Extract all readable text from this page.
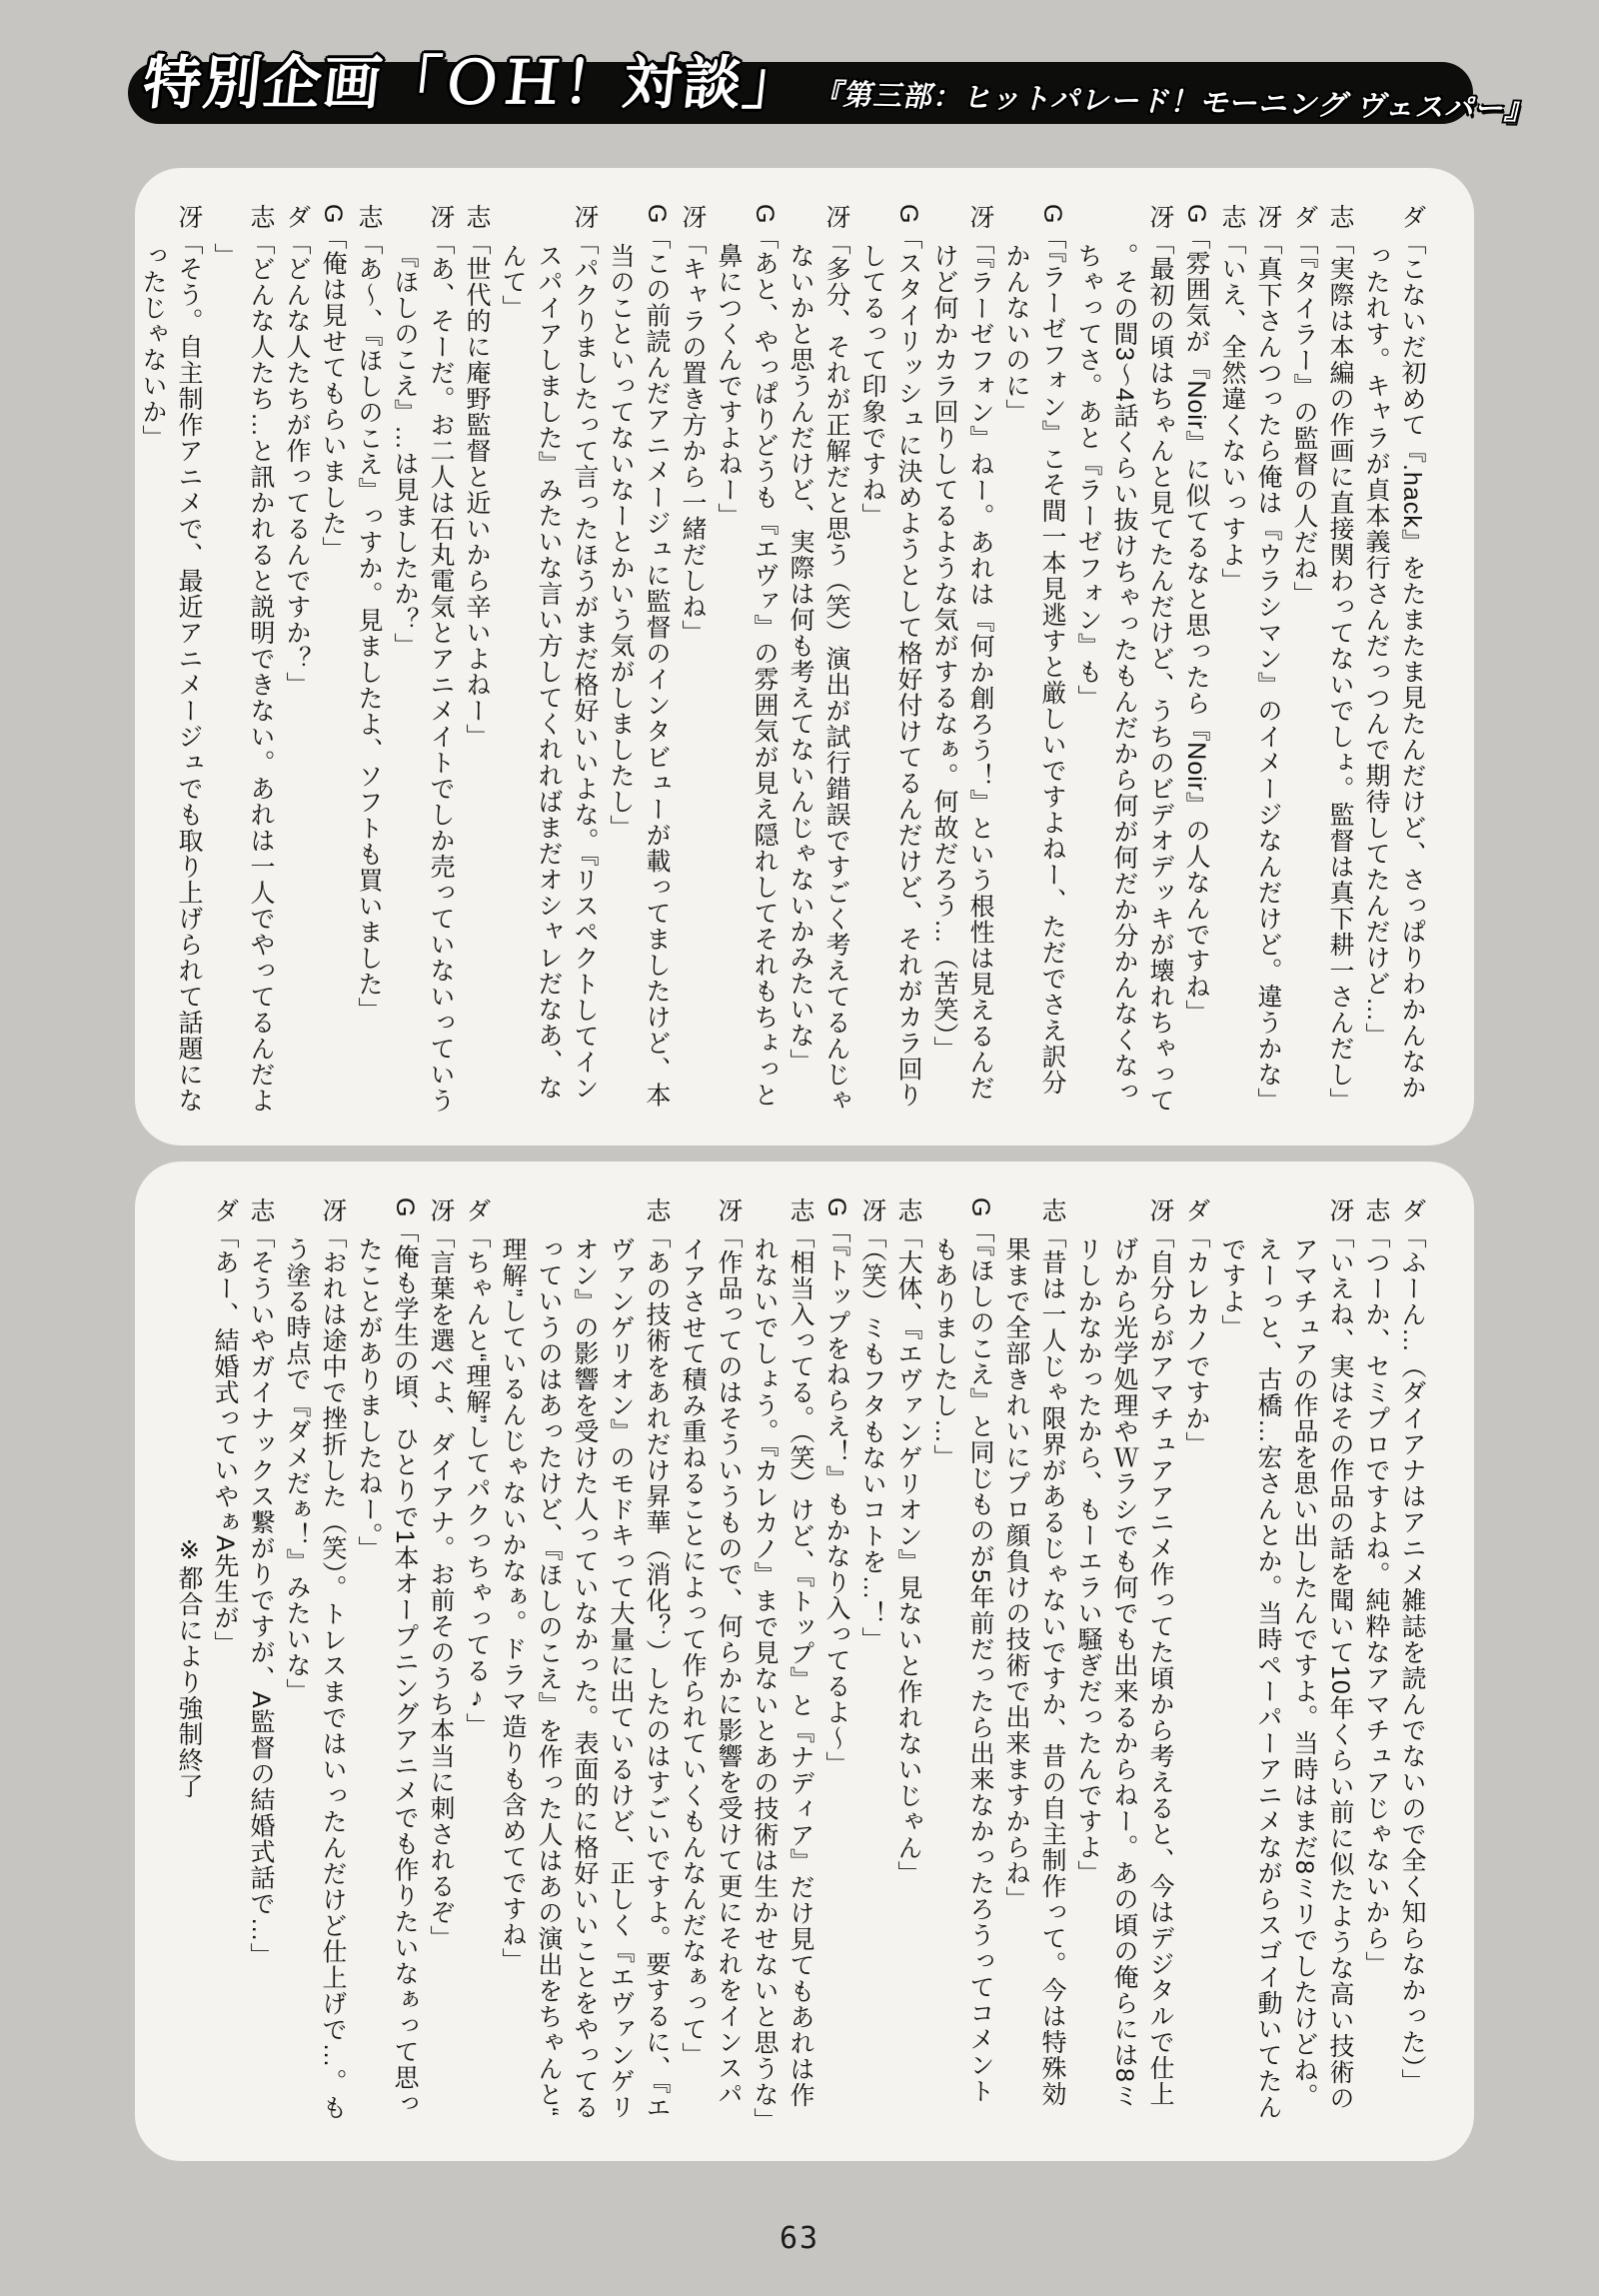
特別企画「ＯＨ！対談」 『第三部：ヒットパレード！モーニング ヴェスパー』

ダ「こないだ初めて『.hack』をたまたま見たんだけど、さっぱりわかんなかったれす。キャラが貞本義行さんだっつんで期待してたんだけど…」

志「実際は本編の作画に直接関わってないでしょ。監督は真下耕一さんだし」

ダ「『タイラー』の監督の人だね」

冴「真下さんつったら俺は『ウラシマン』のイメージなんだけど。違うかな」

志「いえ、全然違くないっすよ」

G「雰囲気が『Noir』に似てるなと思ったら『Noir』の人なんですね」

冴「最初の頃はちゃんと見てたんだけど、うちのビデオデッキが壊れちゃって。その間3～4話くらい抜けちゃったもんだから何が何だか分かんなくなっちゃってさ。あと『ラーゼフォン』も」

G「『ラーゼフォン』こそ間一本見逃すと厳しいですよねー、ただでさえ訳分かんないのに」

冴「『ラーゼフォン』ねー。あれは『何か創ろう！』という根性は見えるんだけど何かカラ回りしてるような気がするなぁ。何故だろう…（苦笑）」

G「スタイリッシュに決めようとして格好付けてるんだけど、それがカラ回りしてるって印象ですね」

冴「多分、それが正解だと思う（笑）演出が試行錯誤ですごく考えてるんじゃないかと思うんだけど、実際は何も考えてないんじゃないかみたいな」

G「あと、やっぱりどうも『エヴァ』の雰囲気が見え隠れしてそれもちょっと鼻につくんですよねー」

冴「キャラの置き方から一緒だしね」

G「この前読んだアニメージュに監督のインタビューが載ってましたけど、本当のこといってないなーとかいう気がしましたし」

冴「パクりましたって言ったほうがまだ格好いいよな。『リスペクトしてインスパイアしました』みたいな言い方してくれればまだオシャレだなあ、なんて」

志「世代的に庵野監督と近いから辛いよねー」

冴「あ、そーだ。お二人は石丸電気とアニメイトでしか売っていないっていう『ほしのこえ』…は見ましたか？」

志「あ～、『ほしのこえ』っすか。見ましたよ、ソフトも買いました」

G「俺は見せてもらいました」

ダ「どんな人たちが作ってるんですか？」

志「どんな人たち…と訊かれると説明できない。あれは一人でやってるんだよ」

冴「そう。自主制作アニメで、最近アニメージュでも取り上げられて話題になったじゃないか」

ダ「ふーん…（ダイアナはアニメ雑誌を読んでないので全く知らなかった）」

志「つーか、セミプロですよね。純粋なアマチュアじゃないから」

冴「いえね、実はその作品の話を聞いて10年くらい前に似たような高い技術のアマチュアの作品を思い出したんですよ。当時はまだ8ミリでしたけどね。えーっと、古橋…宏さんとか。当時ペーパーアニメながらスゴイ動いてたんですよ」

ダ「カレカノですか」

冴「自分らがアマチュアアニメ作ってた頃から考えると、今はデジタルで仕上げから光学処理やＷラシでも何でも出来るからねー。あの頃の俺らには8ミリしかなかったから、もーエラい騒ぎだったんですよ」

志「昔は一人じゃ限界があるじゃないですか、昔の自主制作って。今は特殊効果まで全部きれいにプロ顔負けの技術で出来ますからね」

G「『ほしのこえ』と同じものが5年前だったら出来なかったろうってコメントもありましたし…」

志「大体、『エヴァンゲリオン』見ないと作れないじゃん」

冴「（笑）ミもフタもないコトを…！」

G「『トップをねらえ！』もかなり入ってるよ～」

志「相当入ってる。（笑）けど、『トップ』と『ナディア』だけ見てもあれは作れないでしょう。『カレカノ』まで見ないとあの技術は生かせないと思うな」

冴「作品ってのはそういうもので、何らかに影響を受けて更にそれをインスパイアさせて積み重ねることによって作られていくもんなんだなぁって」

志「あの技術をあれだけ昇華（消化？）したのはすごいですよ。要するに、『エヴァンゲリオン』のモドキって大量に出ているけど、正しく『エヴァンゲリオン』の影響を受けた人っていなかった。表面的に格好いいことをやってるっていうのはあったけど、『ほしのこえ』を作った人はあの演出をちゃんと“理解”しているんじゃないかなぁ。ドラマ造りも含めてですね」

ダ「ちゃんと“理解”してパクっちゃってる♪」

冴「言葉を選べよ、ダイアナ。お前そのうち本当に刺されるぞ」

G「俺も学生の頃、ひとりで1本オープニングアニメでも作りたいなぁって思ったことがありましたねー。」

冴「おれは途中で挫折した（笑）。トレスまではいったんだけど仕上げで…。もう塗る時点で『ダメだぁ！』みたいな」

志「そういやガイナックス繋がりですが、A監督の結婚式話で…」

ダ「あー、結婚式っていやぁA先生が」

※都合により強制終了

63
